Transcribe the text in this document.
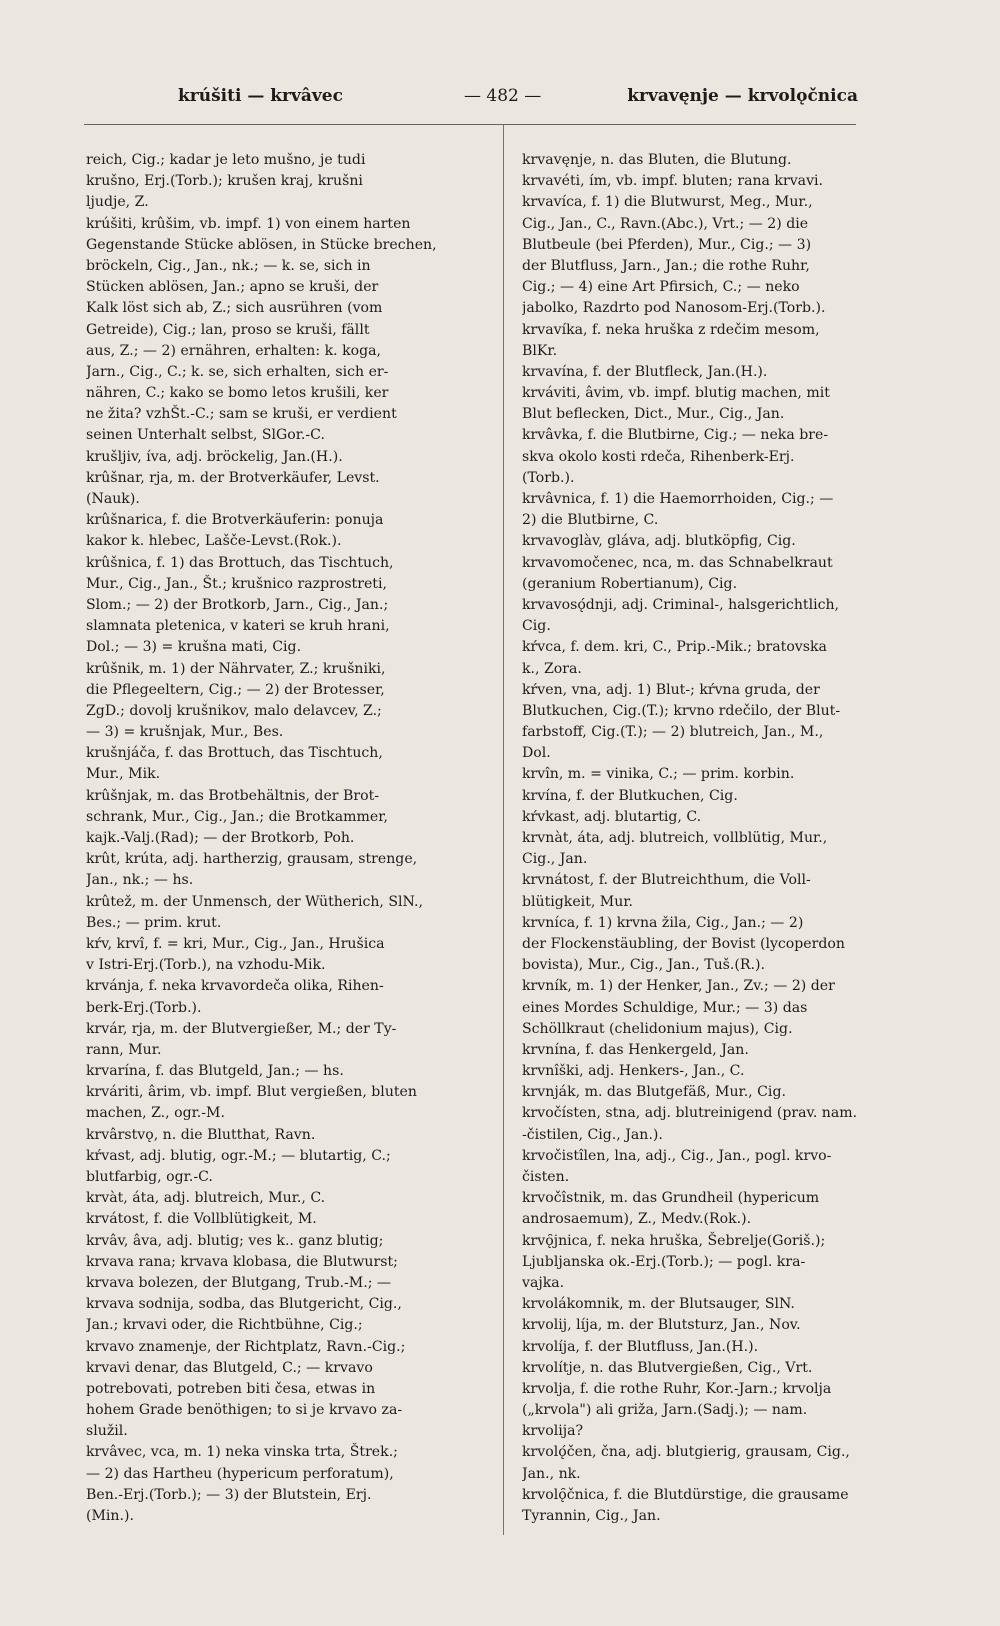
krúšiti — krvâvec	— 482 —	krvavęnje — krvolǫčnica
reich, Cig.; kadar je leto mušno, je tudi
krušno, Erj.(Torb.); krušen kraj, krušni
ljudje, Z.
krúšiti, krûšim, vb. impf. 1) von einem harten
Gegenstande Stücke ablösen, in Stücke brechen,
bröckeln, Cig., Jan., nk.; — k. se, sich in
Stücken ablösen, Jan.; apno se kruši, der
Kalk löst sich ab, Z.; sich ausrühren (vom
Getreide), Cig.; lan, proso se kruši, fällt
aus, Z.; — 2) ernähren, erhalten: k. koga,
Jarn., Cig., C.; k. se, sich erhalten, sich er-
nähren, C.; kako se bomo letos krušili, ker
ne žita? vzhŠt.-C.; sam se kruši, er verdient
seinen Unterhalt selbst, SlGor.-C.
krušljiv, íva, adj. bröckelig, Jan.(H.).
krûšnar, rja, m. der Brotverkäufer, Levst.
(Nauk).
krûšnarica, f. die Brotverkäuferin: ponuja
kakor k. hlebec, Lašče-Levst.(Rok.).
krûšnica, f. 1) das Brottuch, das Tischtuch,
Mur., Cig., Jan., Št.; krušnico razprostreti,
Slom.; — 2) der Brotkorb, Jarn., Cig., Jan.;
slamnata pletenica, v kateri se kruh hrani,
Dol.; — 3) = krušna mati, Cig.
krûšnik, m. 1) der Nährvater, Z.; krušniki,
die Pflegeeltern, Cig.; — 2) der Brotesser,
ZgD.; dovolj krušnikov, malo delavcev, Z.;
— 3) = krušnjak, Mur., Bes.
krušnjáča, f. das Brottuch, das Tischtuch,
Mur., Mik.
krûšnjak, m. das Brotbehältnis, der Brot-
schrank, Mur., Cig., Jan.; die Brotkammer,
kajk.-Valj.(Rad); — der Brotkorb, Poh.
krût, krúta, adj. hartherzig, grausam, strenge,
Jan., nk.; — hs.
krûtež, m. der Unmensch, der Wütherich, SlN.,
Bes.; — prim. krut.
kŕv, krvî, f. = kri, Mur., Cig., Jan., Hrušica
v Istri-Erj.(Torb.), na vzhodu-Mik.
krvánja, f. neka krvavordeča olika, Rihen-
berk-Erj.(Torb.).
krvár, rja, m. der Blutvergießer, M.; der Ty-
rann, Mur.
krvarína, f. das Blutgeld, Jan.; — hs.
krváriti, ârim, vb. impf. Blut vergießen, bluten
machen, Z., ogr.-M.
krvârstvǫ, n. die Blutthat, Ravn.
kŕvast, adj. blutig, ogr.-M.; — blutartig, C.;
blutfarbig, ogr.-C.
krvàt, áta, adj. blutreich, Mur., C.
krvátost, f. die Vollblütigkeit, M.
krvâv, âva, adj. blutig; ves k.. ganz blutig;
krvava rana; krvava klobasa, die Blutwurst;
krvava bolezen, der Blutgang, Trub.-M.; —
krvava sodnija, sodba, das Blutgericht, Cig.,
Jan.; krvavi oder, die Richtbühne, Cig.;
krvavo znamenje, der Richtplatz, Ravn.-Cig.;
krvavi denar, das Blutgeld, C.; — krvavo
potrebovati, potreben biti česa, etwas in
hohem Grade benöthigen; to si je krvavo za-
služil.
krvâvec, vca, m. 1) neka vinska trta, Štrek.;
— 2) das Hartheu (hypericum perforatum),
Ben.-Erj.(Torb.); — 3) der Blutstein, Erj.
(Min.).
krvavęnje, n. das Bluten, die Blutung.
krvavéti, ím, vb. impf. bluten; rana krvavi.
krvavíca, f. 1) die Blutwurst, Meg., Mur.,
Cig., Jan., C., Ravn.(Abc.), Vrt.; — 2) die
Blutbeule (bei Pferden), Mur., Cig.; — 3)
der Blutfluss, Jarn., Jan.; die rothe Ruhr,
Cig.; — 4) eine Art Pfirsich, C.; — neko
jabolko, Razdrto pod Nanosom-Erj.(Torb.).
krvavíka, f. neka hruška z rdečim mesom,
BlKr.
krvavína, f. der Blutfleck, Jan.(H.).
krváviti, âvim, vb. impf. blutig machen, mit
Blut beflecken, Dict., Mur., Cig., Jan.
krvâvka, f. die Blutbirne, Cig.; — neka bre-
skva okolo kosti rdeča, Rihenberk-Erj.
(Torb.).
krvâvnica, f. 1) die Haemorrhoiden, Cig.; —
2) die Blutbirne, C.
krvavoglàv, gláva, adj. blutköpfig, Cig.
krvavomočenec, nca, m. das Schnabelkraut
(geranium Robertianum), Cig.
krvavosǫ́dnji, adj. Criminal-, halsgerichtlich,
Cig.
kŕvca, f. dem. kri, C., Prip.-Mik.; bratovska
k., Zora.
kŕven, vna, adj. 1) Blut-; kŕvna gruda, der
Blutkuchen, Cig.(T.); krvno rdečilo, der Blut-
farbstoff, Cig.(T.); — 2) blutreich, Jan., M.,
Dol.
krvîn, m. = vinika, C.; — prim. korbin.
krvína, f. der Blutkuchen, Cig.
kŕvkast, adj. blutartig, C.
krvnàt, áta, adj. blutreich, vollblütig, Mur.,
Cig., Jan.
krvnátost, f. der Blutreichthum, die Voll-
blütigkeit, Mur.
krvníca, f. 1) krvna žila, Cig., Jan.; — 2)
der Flockenstäubling, der Bovist (lycoperdon
bovista), Mur., Cig., Jan., Tuš.(R.).
krvník, m. 1) der Henker, Jan., Zv.; — 2) der
eines Mordes Schuldige, Mur.; — 3) das
Schöllkraut (chelidonium majus), Cig.
krvnína, f. das Henkergeld, Jan.
krvnîški, adj. Henkers-, Jan., C.
krvnják, m. das Blutgefäß, Mur., Cig.
krvočísten, stna, adj. blutreinigend (prav. nam.
-čistilen, Cig., Jan.).
krvočistîlen, lna, adj., Cig., Jan., pogl. krvo-
čisten.
krvočîstnik, m. das Grundheil (hypericum
androsaemum), Z., Medv.(Rok.).
krvǫ̑jnica, f. neka hruška, Šebrelje(Goriš.);
Ljubljanska ok.-Erj.(Torb.); — pogl. kra-
vajka.
krvolákomnik, m. der Blutsauger, SlN.
krvolij, líja, m. der Blutsturz, Jan., Nov.
krvolíja, f. der Blutfluss, Jan.(H.).
krvolítje, n. das Blutvergießen, Cig., Vrt.
krvolja, f. die rothe Ruhr, Kor.-Jarn.; krvolja
(„krvola") ali griža, Jarn.(Sadj.); — nam.
krvolija?
krvolǫ́čen, čna, adj. blutgierig, grausam, Cig.,
Jan., nk.
krvolǫ̑čnica, f. die Blutdürstige, die grausame
Tyrannin, Cig., Jan.
